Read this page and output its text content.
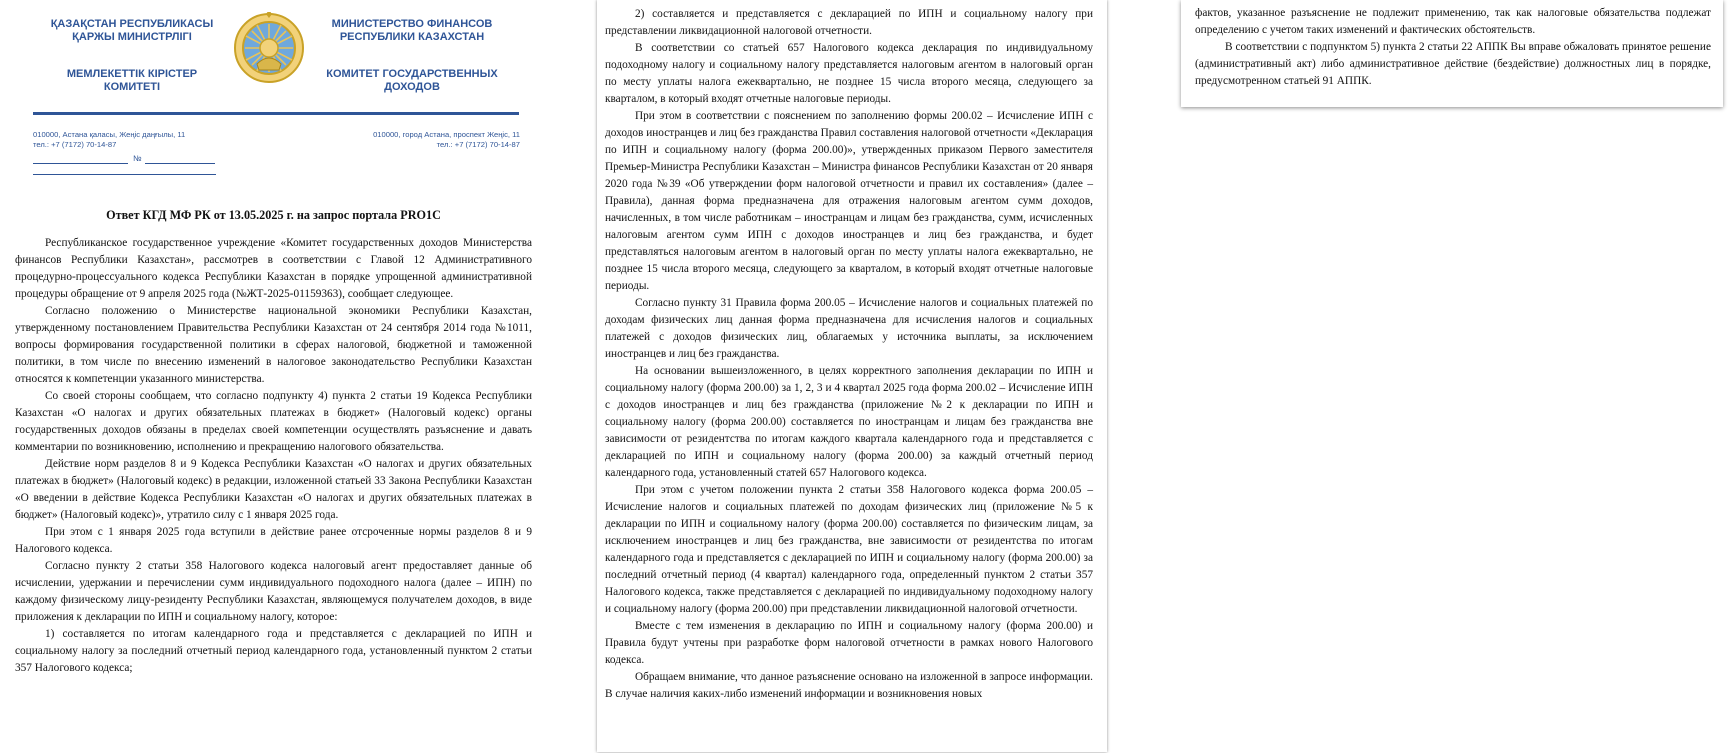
ҚАЗАҚСТАН РЕСПУБЛИКАСЫ
ҚАРЖЫ МИНИСТРЛІГІ
МЕМЛЕКЕТТІК КІРІСТЕР
КОМИТЕТІ
МИНИСТЕРСТВО ФИНАНСОВ
РЕСПУБЛИКИ КАЗАХСТАН
КОМИТЕТ ГОСУДАРСТВЕННЫХ
ДОХОДОВ
010000, Астана қаласы, Жеңіс даңғылы, 11
тел.: +7 (7172) 70-14-87
010000, город Астана, проспект Жеңіс, 11
тел.: +7 (7172) 70-14-87
№
Ответ КГД МФ РК от 13.05.2025 г. на запрос портала PRO1C

Республиканское государственное учреждение «Комитет государственных доходов Министерства финансов Республики Казахстан», рассмотрев в соответствии с Главой 12 Административного процедурно-процессуального кодекса Республики Казахстан в порядке упрощенной административной процедуры обращение от 9 апреля 2025 года (№ЖТ-2025-01159363), сообщает следующее.

Согласно положению о Министерстве национальной экономики Республики Казахстан, утвержденному постановлением Правительства Республики Казахстан от 24 сентября 2014 года №1011, вопросы формирования государственной политики в сферах налоговой, бюджетной и таможенной политики, в том числе по внесению изменений в налоговое законодательство Республики Казахстан относятся к компетенции указанного министерства.

Со своей стороны сообщаем, что согласно подпункту 4) пункта 2 статьи 19 Кодекса Республики Казахстан «О налогах и других обязательных платежах в бюджет» (Налоговый кодекс) органы государственных доходов обязаны в пределах своей компетенции осуществлять разъяснение и давать комментарии по возникновению, исполнению и прекращению налогового обязательства.

Действие норм разделов 8 и 9 Кодекса Республики Казахстан «О налогах и других обязательных платежах в бюджет» (Налоговый кодекс) в редакции, изложенной статьей 33 Закона Республики Казахстан «О введении в действие Кодекса Республики Казахстан «О налогах и других обязательных платежах в бюджет» (Налоговый кодекс)», утратило силу с 1 января 2025 года.

При этом с 1 января 2025 года вступили в действие ранее отсроченные нормы разделов 8 и 9 Налогового кодекса.

Согласно пункту 2 статьи 358 Налогового кодекса налоговый агент предоставляет данные об исчислении, удержании и перечислении сумм индивидуального подоходного налога (далее – ИПН) по каждому физическому лицу-резиденту Республики Казахстан, являющемуся получателем доходов, в виде приложения к декларации по ИПН и социальному налогу, которое:

1) составляется по итогам календарного года и представляется с декларацией по ИПН и социальному налогу за последний отчетный период календарного года, установленный пунктом 2 статьи 357 Налогового кодекса;

2) составляется и представляется с декларацией по ИПН и социальному налогу при представлении ликвидационной налоговой отчетности.

В соответствии со статьей 657 Налогового кодекса декларация по индивидуальному подоходному налогу и социальному налогу представляется налоговым агентом в налоговый орган по месту уплаты налога ежеквартально, не позднее 15 числа второго месяца, следующего за кварталом, в который входят отчетные налоговые периоды.

При этом в соответствии с пояснением по заполнению формы 200.02 – Исчисление ИПН с доходов иностранцев и лиц без гражданства Правил составления налоговой отчетности «Декларация по ИПН и социальному налогу (форма 200.00)», утвержденных приказом Первого заместителя Премьер-Министра Республики Казахстан – Министра финансов Республики Казахстан от 20 января 2020 года №39 «Об утверждении форм налоговой отчетности и правил их составления» (далее – Правила), данная форма предназначена для отражения налоговым агентом сумм доходов, начисленных, в том числе работникам – иностранцам и лицам без гражданства, сумм, исчисленных налоговым агентом сумм ИПН с доходов иностранцев и лиц без гражданства, и будет представляться налоговым агентом в налоговый орган по месту уплаты налога ежеквартально, не позднее 15 числа второго месяца, следующего за кварталом, в который входят отчетные налоговые периоды.

Согласно пункту 31 Правила форма 200.05 – Исчисление налогов и социальных платежей по доходам физических лиц данная форма предназначена для исчисления налогов и социальных платежей с доходов физических лиц, облагаемых у источника выплаты, за исключением иностранцев и лиц без гражданства.

На основании вышеизложенного, в целях корректного заполнения декларации по ИПН и социальному налогу (форма 200.00) за 1, 2, 3 и 4 квартал 2025 года форма 200.02 – Исчисление ИПН с доходов иностранцев и лиц без гражданства (приложение №2 к декларации по ИПН и социальному налогу (форма 200.00) составляется по иностранцам и лицам без гражданства вне зависимости от резидентства по итогам каждого квартала календарного года и представляется с декларацией по ИПН и социальному налогу (форма 200.00) за каждый отчетный период календарного года, установленный статей 657 Налогового кодекса.

При этом с учетом положении пункта 2 статьи 358 Налогового кодекса форма 200.05 – Исчисление налогов и социальных платежей по доходам физических лиц (приложение №5 к декларации по ИПН и социальному налогу (форма 200.00) составляется по физическим лицам, за исключением иностранцев и лиц без гражданства, вне зависимости от резидентства по итогам календарного года и представляется с декларацией по ИПН и социальному налогу (форма 200.00) за последний отчетный период (4 квартал) календарного года, определенный пунктом 2 статьи 357 Налогового кодекса, также представляется с декларацией по индивидуальному подоходному налогу и социальному налогу (форма 200.00) при представлении ликвидационной налоговой отчетности.

Вместе с тем изменения в декларацию по ИПН и социальному налогу (форма 200.00) и Правила будут учтены при разработке форм налоговой отчетности в рамках нового Налогового кодекса.

Обращаем внимание, что данное разъяснение основано на изложенной в запросе информации. В случае наличия каких-либо изменений информации и возникновения новых

фактов, указанное разъяснение не подлежит применению, так как налоговые обязательства подлежат определению с учетом таких изменений и фактических обстоятельств.

В соответствии с подпунктом 5) пункта 2 статьи 22 АППК Вы вправе обжаловать принятое решение (административный акт) либо административное действие (бездействие) должностных лиц в порядке, предусмотренном статьей 91 АППК.
